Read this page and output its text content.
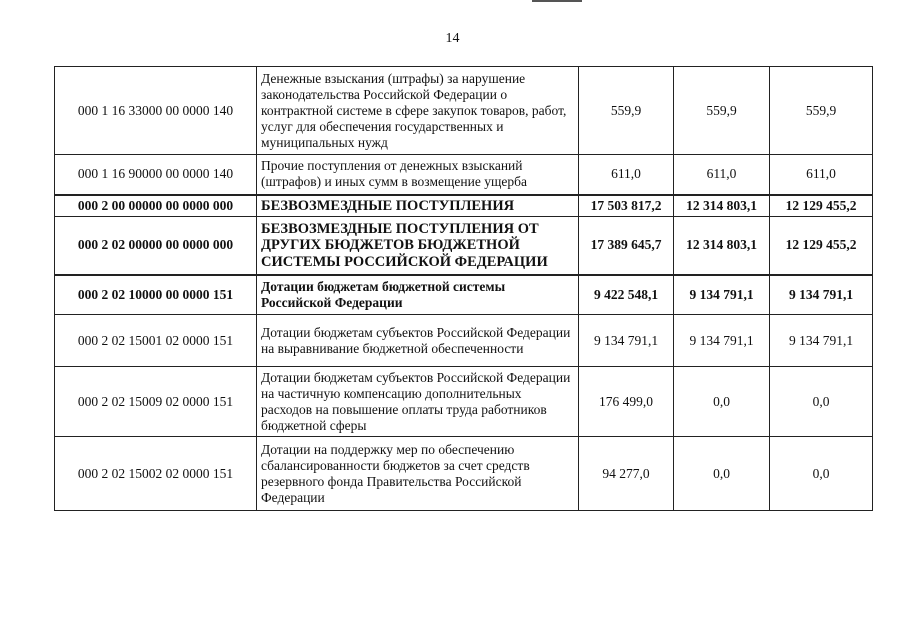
14
000 1 16 33000 00 0000 140	Денежные взыскания (штрафы) за нарушение законодательства Российской Федерации о контрактной системе в сфере закупок товаров, работ, услуг для обеспечения государственных и муниципальных нужд	559,9	559,9	559,9
000 1 16 90000 00 0000 140	Прочие поступления от денежных взысканий (штрафов) и иных сумм в возмещение ущерба	611,0	611,0	611,0
000 2 00 00000 00 0000 000	БЕЗВОЗМЕЗДНЫЕ ПОСТУПЛЕНИЯ	17 503 817,2	12 314 803,1	12 129 455,2
000 2 02 00000 00 0000 000	БЕЗВОЗМЕЗДНЫЕ ПОСТУПЛЕНИЯ ОТ ДРУГИХ БЮДЖЕТОВ БЮДЖЕТНОЙ СИСТЕМЫ РОССИЙСКОЙ ФЕДЕРАЦИИ	17 389 645,7	12 314 803,1	12 129 455,2
000 2 02 10000 00 0000 151	Дотации бюджетам бюджетной системы Российской Федерации	9 422 548,1	9 134 791,1	9 134 791,1
000 2 02 15001 02 0000 151	Дотации бюджетам субъектов Российской Федерации на выравнивание бюджетной обеспеченности	9 134 791,1	9 134 791,1	9 134 791,1
000 2 02 15009 02 0000 151	Дотации бюджетам субъектов Российской Федерации на частичную компенсацию дополнительных расходов на повышение оплаты труда работников бюджетной сферы	176 499,0	0,0	0,0
000 2 02 15002 02 0000 151	Дотации на поддержку мер по обеспечению сбалансированности бюджетов за счет средств резервного фонда Правительства Российской Федерации	94 277,0	0,0	0,0
